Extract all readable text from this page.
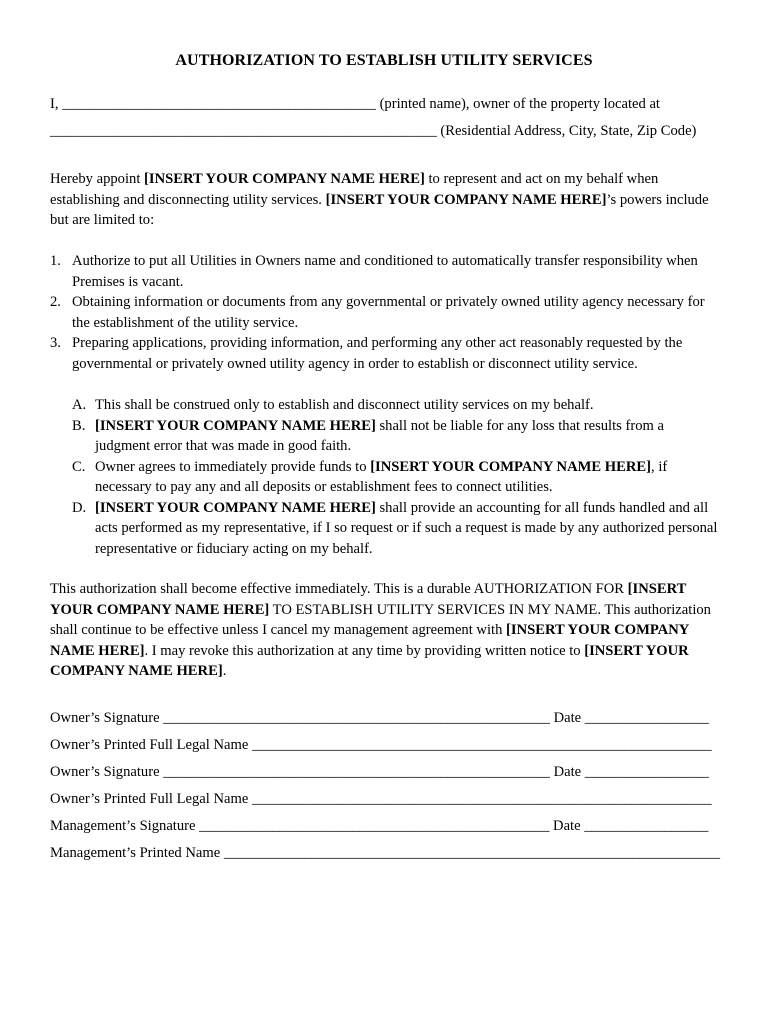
AUTHORIZATION TO ESTABLISH UTILITY SERVICES
I, ___________________________________________ (printed name), owner of the property located at
_____________________________________________________ (Residential Address, City, State, Zip Code)
Hereby appoint [INSERT YOUR COMPANY NAME HERE] to represent and act on my behalf when establishing and disconnecting utility services. [INSERT YOUR COMPANY NAME HERE]’s powers include but are limited to:
1. Authorize to put all Utilities in Owners name and conditioned to automatically transfer responsibility when Premises is vacant.
2. Obtaining information or documents from any governmental or privately owned utility agency necessary for the establishment of the utility service.
3. Preparing applications, providing information, and performing any other act reasonably requested by the governmental or privately owned utility agency in order to establish or disconnect utility service.
A. This shall be construed only to establish and disconnect utility services on my behalf.
B. [INSERT YOUR COMPANY NAME HERE] shall not be liable for any loss that results from a judgment error that was made in good faith.
C. Owner agrees to immediately provide funds to [INSERT YOUR COMPANY NAME HERE], if necessary to pay any and all deposits or establishment fees to connect utilities.
D. [INSERT YOUR COMPANY NAME HERE] shall provide an accounting for all funds handled and all acts performed as my representative, if I so request or if such a request is made by any authorized personal representative or fiduciary acting on my behalf.
This authorization shall become effective immediately. This is a durable AUTHORIZATION FOR [INSERT YOUR COMPANY NAME HERE] TO ESTABLISH UTILITY SERVICES IN MY NAME. This authorization shall continue to be effective unless I cancel my management agreement with [INSERT YOUR COMPANY NAME HERE]. I may revoke this authorization at any time by providing written notice to [INSERT YOUR COMPANY NAME HERE].
Owner’s Signature _____________________________________________________ Date _________________
Owner’s Printed Full Legal Name _______________________________________________________________
Owner’s Signature _____________________________________________________ Date _________________
Owner’s Printed Full Legal Name _______________________________________________________________
Management’s Signature ________________________________________________ Date _________________
Management’s Printed Name ____________________________________________________________________
